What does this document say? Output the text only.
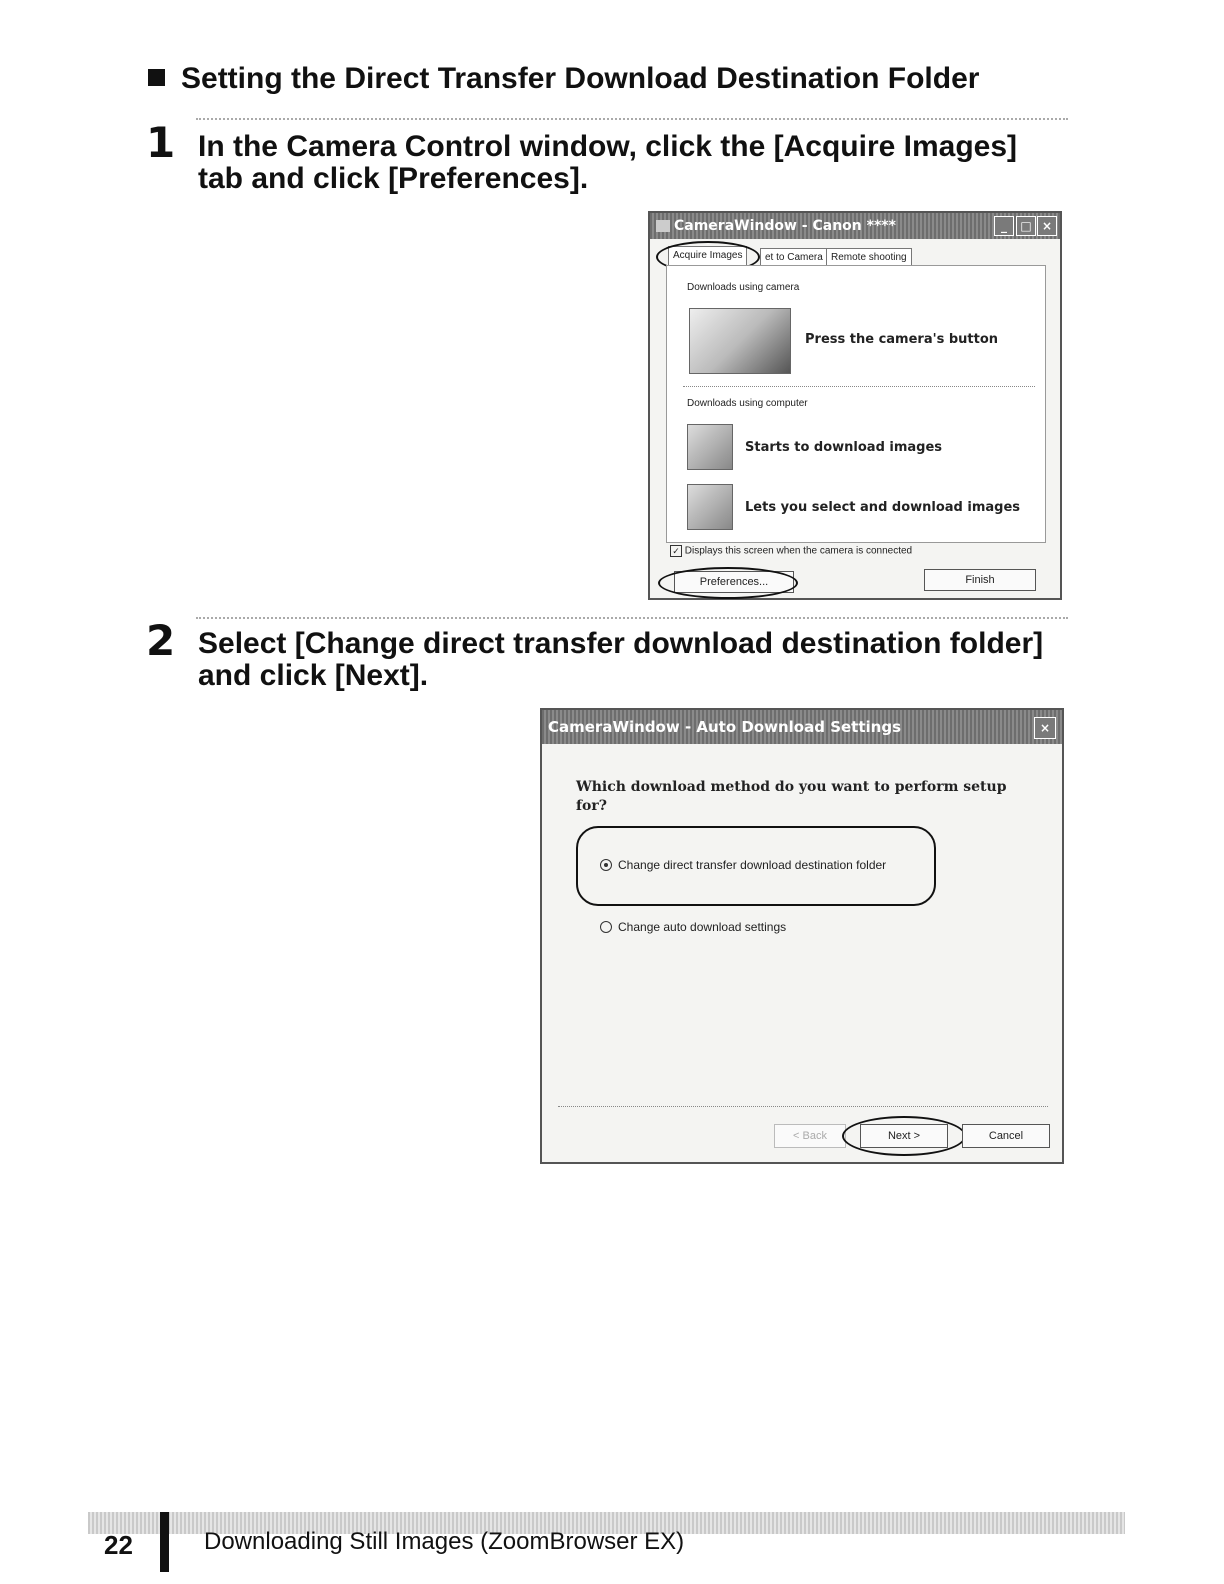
Setting the Direct Transfer Download Destination Folder
1 In the Camera Control window, click the [Acquire Images]
tab and click [Preferences].
CameraWindow - Canon ****	_	□ ×
Acquire Images	et to Camera Remote shooting
Downloads using camera
Press the camera's button
Downloads using computer
Starts to download images
Lets you select and download images
✓ Displays this screen when the camera is connected
Preferences...	Finish
2 Select [Change direct transfer download destination folder]
and click [Next].
CameraWindow - Auto Download Settings	×
Which download method do you want to perform setup
for?
Change direct transfer download destination folder
Change auto download settings
< Back	Next >	Cancel
22	Downloading Still Images (ZoomBrowser EX)
